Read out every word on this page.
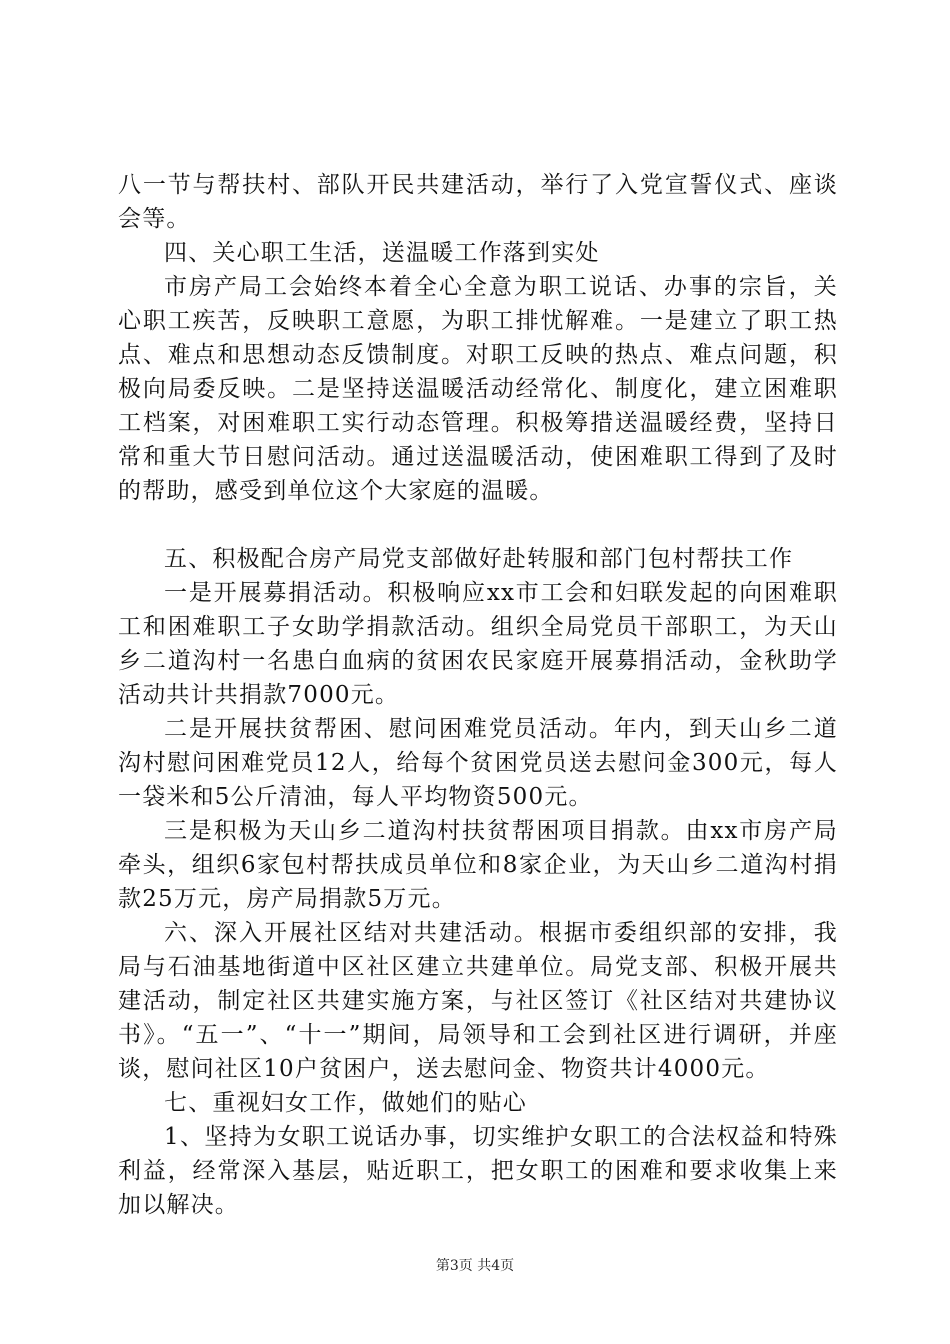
八一节与帮扶村、部队开民共建活动，举行了入党宣誓仪式、座谈会等。

四、关心职工生活，送温暖工作落到实处

市房产局工会始终本着全心全意为职工说话、办事的宗旨，关心职工疾苦，反映职工意愿，为职工排忧解难。一是建立了职工热点、难点和思想动态反馈制度。对职工反映的热点、难点问题，积极向局委反映。二是坚持送温暖活动经常化、制度化，建立困难职工档案，对困难职工实行动态管理。积极筹措送温暖经费，坚持日常和重大节日慰问活动。通过送温暖活动，使困难职工得到了及时的帮助，感受到单位这个大家庭的温暖。

五、积极配合房产局党支部做好赴转服和部门包村帮扶工作

一是开展募捐活动。积极响应xx市工会和妇联发起的向困难职工和困难职工子女助学捐款活动。组织全局党员干部职工，为天山乡二道沟村一名患白血病的贫困农民家庭开展募捐活动，金秋助学活动共计共捐款7000元。

二是开展扶贫帮困、慰问困难党员活动。年内，到天山乡二道沟村慰问困难党员12人，给每个贫困党员送去慰问金300元，每人一袋米和5公斤清油，每人平均物资500元。

三是积极为天山乡二道沟村扶贫帮困项目捐款。由xx市房产局牵头，组织6家包村帮扶成员单位和8家企业，为天山乡二道沟村捐款25万元，房产局捐款5万元。

六、深入开展社区结对共建活动。根据市委组织部的安排，我局与石油基地街道中区社区建立共建单位。局党支部、积极开展共建活动，制定社区共建实施方案，与社区签订《社区结对共建协议书》。“五一”、“十一”期间，局领导和工会到社区进行调研，并座谈，慰问社区10户贫困户，送去慰问金、物资共计4000元。

七、重视妇女工作，做她们的贴心

1、坚持为女职工说话办事，切实维护女职工的合法权益和特殊利益，经常深入基层，贴近职工，把女职工的困难和要求收集上来加以解决。

第3页 共4页
